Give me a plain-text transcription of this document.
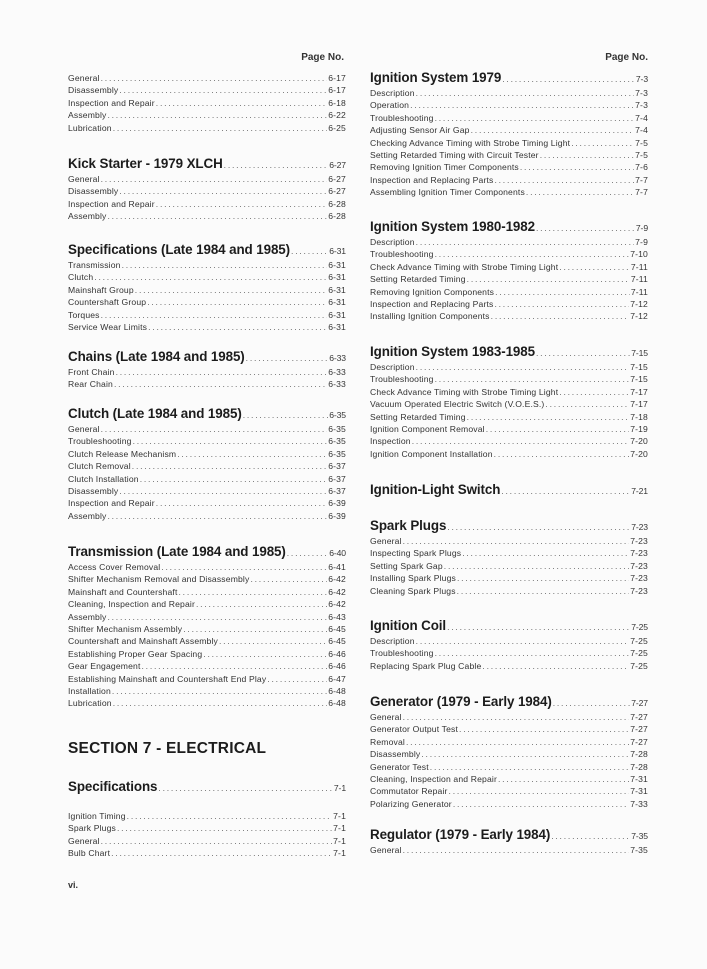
Page No.
General . . .	6-17
Disassembly . . .	6-17
Inspection and Repair . . .	6-18
Assembly . . .	6-22
Lubrication . . .	6-25
Kick Starter - 1979 XLCH . . .	6-27
General . . .	6-27
Disassembly . . .	6-27
Inspection and Repair . . .	6-28
Assembly . . .	6-28
Specifications (Late 1984 and 1985) . . .	6-31
Transmission . . .	6-31
Clutch . . .	6-31
Mainshaft Group . . .	6-31
Countershaft Group . . .	6-31
Torques . . .	6-31
Service Wear Limits . . .	6-31
Chains (Late 1984 and 1985) . . .	6-33
Front Chain . . .	6-33
Rear Chain . . .	6-33
Clutch (Late 1984 and 1985) . . .	6-35
General . . .	6-35
Troubleshooting . . .	6-35
Clutch Release Mechanism . . .	6-35
Clutch Removal . . .	6-37
Clutch Installation . . .	6-37
Disassembly . . .	6-37
Inspection and Repair . . .	6-39
Assembly . . .	6-39
Transmission (Late 1984 and 1985) . . .	6-40
Access Cover Removal . . .	6-41
Shifter Mechanism Removal and Disassembly . . .	6-42
Mainshaft and Countershaft . . .	6-42
Cleaning, Inspection and Repair . . .	6-42
Assembly . . .	6-43
Shifter Mechanism Assembly . . .	6-45
Countershaft and Mainshaft Assembly . . .	6-45
Establishing Proper Gear Spacing . . .	6-46
Gear Engagement . . .	6-46
Establishing Mainshaft and Countershaft End Play . . .	6-47
Installation . . .	6-48
Lubrication . . .	6-48
SECTION 7 - ELECTRICAL
Specifications . . .	7-1
Ignition Timing . . .	7-1
Spark Plugs . . .	7-1
General . . .	7-1
Bulb Chart . . .	7-1
Page No.
Ignition System 1979 . . .	7-3
Description . . .	7-3
Operation . . .	7-3
Troubleshooting . . .	7-4
Adjusting Sensor Air Gap . . .	7-4
Checking Advance Timing with Strobe Timing Light . . .	7-5
Setting Retarded Timing with Circuit Tester . . .	7-5
Removing Ignition Timer Components . . .	7-6
Inspection and Replacing Parts . . .	7-7
Assembling Ignition Timer Components . . .	7-7
Ignition System 1980-1982 . . .	7-9
Description . . .	7-9
Troubleshooting . . .	7-10
Check Advance Timing with Strobe Timing Light . . .	7-11
Setting Retarded Timing . . .	7-11
Removing Ignition Components . . .	7-11
Inspection and Replacing Parts . . .	7-12
Installing Ignition Components . . .	7-12
Ignition System 1983-1985 . . .	7-15
Description . . .	7-15
Troubleshooting . . .	7-15
Check Advance Timing with Strobe Timing Light . . .	7-17
Vacuum Operated Electric Switch (V.O.E.S.) . . .	7-17
Setting Retarded Timing . . .	7-18
Ignition Component Removal . . .	7-19
Inspection . . .	7-20
Ignition Component Installation . . .	7-20
Ignition-Light Switch . . .	7-21
Spark Plugs . . .	7-23
General . . .	7-23
Inspecting Spark Plugs . . .	7-23
Setting Spark Gap . . .	7-23
Installing Spark Plugs . . .	7-23
Cleaning Spark Plugs . . .	7-23
Ignition Coil . . .	7-25
Description . . .	7-25
Troubleshooting . . .	7-25
Replacing Spark Plug Cable . . .	7-25
Generator (1979 - Early 1984) . . .	7-27
General . . .	7-27
Generator Output Test . . .	7-27
Removal . . .	7-27
Disassembly . . .	7-28
Generator Test . . .	7-28
Cleaning, Inspection and Repair . . .	7-31
Commutator Repair . . .	7-31
Polarizing Generator . . .	7-33
Regulator (1979 - Early 1984) . . .	7-35
General . . .	7-35
vi.
